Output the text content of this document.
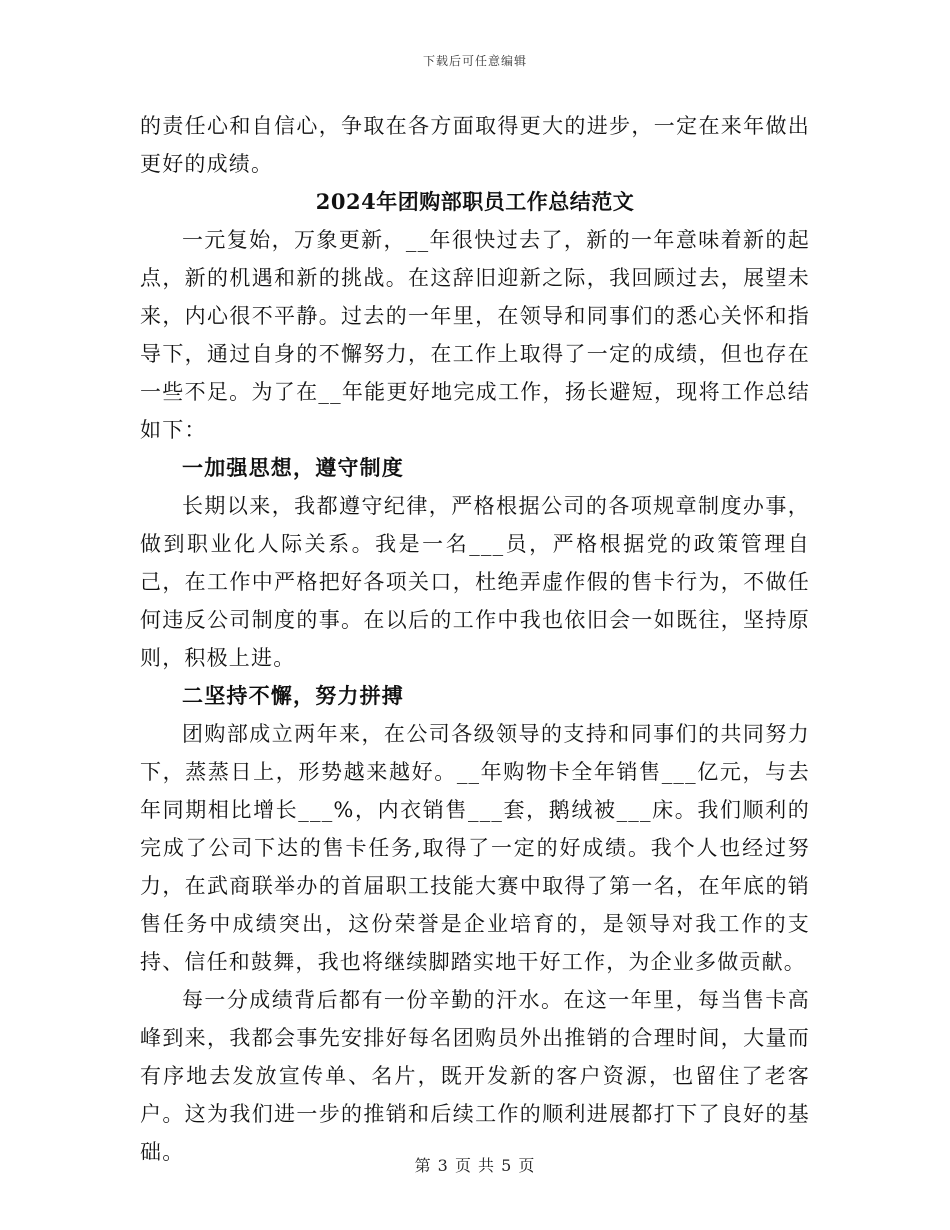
下载后可任意编辑

的责任心和自信心，争取在各方面取得更大的进步，一定在来年做出更好的成绩。

2024年团购部职员工作总结范文

一元复始，万象更新，__年很快过去了，新的一年意味着新的起点，新的机遇和新的挑战。在这辞旧迎新之际，我回顾过去，展望未来，内心很不平静。过去的一年里，在领导和同事们的悉心关怀和指导下，通过自身的不懈努力，在工作上取得了一定的成绩，但也存在一些不足。为了在__年能更好地完成工作，扬长避短，现将工作总结如下：

一加强思想，遵守制度

长期以来，我都遵守纪律，严格根据公司的各项规章制度办事，做到职业化人际关系。我是一名___员，严格根据党的政策管理自己，在工作中严格把好各项关口，杜绝弄虚作假的售卡行为，不做任何违反公司制度的事。在以后的工作中我也依旧会一如既往，坚持原则，积极上进。

二坚持不懈，努力拼搏

团购部成立两年来，在公司各级领导的支持和同事们的共同努力下，蒸蒸日上，形势越来越好。__年购物卡全年销售___亿元，与去年同期相比增长___%，内衣销售___套，鹅绒被___床。我们顺利的完成了公司下达的售卡任务,取得了一定的好成绩。我个人也经过努力，在武商联举办的首届职工技能大赛中取得了第一名，在年底的销售任务中成绩突出，这份荣誉是企业培育的，是领导对我工作的支持、信任和鼓舞，我也将继续脚踏实地干好工作，为企业多做贡献。

每一分成绩背后都有一份辛勤的汗水。在这一年里，每当售卡高峰到来，我都会事先安排好每名团购员外出推销的合理时间，大量而有序地去发放宣传单、名片，既开发新的客户资源，也留住了老客户。这为我们进一步的推销和后续工作的顺利进展都打下了良好的基础。

第 3 页 共 5 页
